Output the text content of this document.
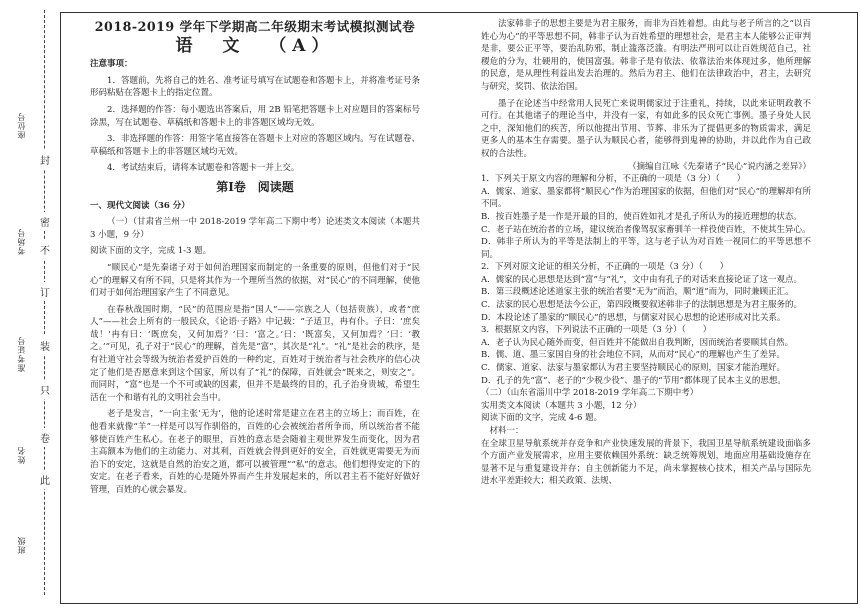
封
密
不
订
装
只
卷
此
座位号
考场号
准考证号
姓名
班级
2018-2019 学年下学期高二年级期末考试模拟测试卷
语 文 （A）
注意事项：

1．答题前，先将自己的姓名、准考证号填写在试题卷和答题卡上，并将准考证号条形码粘贴在答题卡上的指定位置。

2．选择题的作答：每小题选出答案后，用 2B 铅笔把答题卡上对应题目的答案标号涂黑，写在试题卷、草稿纸和答题卡上的非答题区域均无效。

3．非选择题的作答：用签字笔直接答在答题卡上对应的答题区域内。写在试题卷、草稿纸和答题卡上的非答题区域均无效。

4．考试结束后，请将本试题卷和答题卡一并上交。

第Ⅰ卷　阅读题

一、现代文阅读（36 分）

（一）（甘肃省兰州一中 2018-2019 学年高二下期中考）论述类文本阅读（本题共 3 小题，9 分）

阅读下面的文字，完成 1-3 题。

“顺民心”是先秦诸子对于如何治理国家而制定的一条重要的原则，但他们对于“民心”的理解又有所不同，只是将其作为一个理所当然的依据，对“民心”的不同理解，使他们对于如何治理国家产生了不同意见。

在春秋战国时期，“民”的范围应是指“国人”——宗族之人（包括贵族），或者“庶人”——社会上所有的一般民众，《论语·子路》中记载：“子适卫，冉有仆。子曰：‘庶矣哉！’冉有曰：‘既庶矣，又何加焉？’曰：‘富之。’曰：‘既富矣，又何加焉？’曰：‘教之。’”可见，孔子对于“民心”的理解，首先是“富”，其次是“礼”。“礼”是社会的秩序，是有社道守社会等级为统治者爱护百姓的一种约定，百姓对于统治者与社会秩序的信心决定了他们是否愿意来到这个国家，所以有了“礼”的保障，百姓就会“既来之，则安之”。而同时，“富”也是一个不可或缺的因素，但并不是最终的目的，孔子治身贵城，希望生活在一个和谐有礼的文明社会当中。

老子是发言，“一向主张‘无为’，他的论述时常是建立在君主的立场上；而百姓，在他看来就像“羊”一样是可以写作驯俗的，百姓的心会被统治者所争而，所以统治者不能够使百姓产生私心。在老子的眼里，百姓的意志是会随着主观世界发生而变化，因为君主高额本为他们的主动能力、对其利，百姓就会得到更好的安全，百姓就更需要无为而治下的安定，这就是自然的治安之道，都可以被管理”“私”的意志。他们想得安定的下的安定。在老子看来，百姓的心是随外界而产生并发展起来的，所以君主若不能好好做好管理，百姓的心就会暴发。

法家韩非子的思想主要是为君主服务，而非为百姓着想。由此与老子所言的之“以百姓心为心”的平等思想不同，韩非子认为百姓希望的理想社会，是君主本人能够公正审判是非，要公正平等，要治乱防邪，制止滥落泛滥。有明法严刑可以让百姓规范自己，社稷危的分为，壮硬用的，使国富强。韩非子是有依法、依靠法治来体现过多，他所理解的民意，是从理性利益出发去治理的。然后为君主、他们在法律政治中，君主，去研究与研究，奖罚、依法治国。

墨子在论述当中经常用人民死亡来说明儒家过于注重礼，持续，以此来证明政教不可行。在其他诸子的理论当中，并没有一家，有如此多的民众死亡事例。墨子身处人民之中，深知他们的疾苦，所以他提出节用、节葬、非乐为了提倡更多的物质需求，满足更多人的基本生存需要。墨子认为顺民心者，能够得到鬼神的协助，并以此作为自己政权的合法性。

（摘编自江咏《先秦诸子“民心”说内涵之差异》）

1．下列关于原文内容的理解和分析，不正确的一项是（3 分）（　　）

A．儒家、道家、墨家都将“顺民心”作为治理国家的依据，但他们对“民心”的理解却有所不同。

B．按百姓墨子是一作是开最的目的，使百姓如礼才是孔子所认为的接近理想的状态。

C．老子站在统治者的立场，建议统治者像驾驭家畜驯羊一样役使百姓，不使其生异心。

D．韩非子所认为的平等是法制上的平等，这与老子认为对百姓一视同仁的平等思想不同。

2．下列对原文论证的相关分析，不正确的一项是（3 分）（　　）

A．儒家的民心思想是达到“富”与“礼”，文中由有孔子的对话来直接论证了这一观点。

B．第三段概述论述道家主张的统治者要“无为”而治，顺“道”而为，同时兼顾正汇。

C．法家的民心思想是法今公正，第四段概要叙述韩非子的法制思想是为君主服务的。

D．本段论述了墨家的“顺民心”的思想，与儒家对民心思想的论述形成对比关系。

3．根据原文内容，下列说法不正确的一项是（3 分）（　　）

A．老子认为民心随外而变，但百姓并不能做出自我判断，因而统治者要顺其自然。

B．儒、道、墨三家国自身的社会地位不同，从而对“民心”的理解也产生了差异。

C．儒家、道家、法家与墨家都认为君主要坚持顺民心的原则，国家才能治理好。

D．孔子的先“富”、老子的“少税少役”、墨子的“节用”都体现了民本主义的思想。

（二）（山东省淄川中学 2018-2019 学年高二下期中考）

实用类文本阅读（本题共 3 小题，12 分）

阅读下面的文字，完成 4-6 题。

材料一：

在全球卫星导航系统并存竞争和产业快速发展的背景下，我国卫星导航系统建设面临多个方面产业发展需求，应用主要依赖国外系统：缺乏统筹规划，地面应用基础设施存在显著不足与重复建设并存；自主创新能力不足，尚未掌握核心技术，相关产品与国际先进水平差距较大；相关政策、法规、
